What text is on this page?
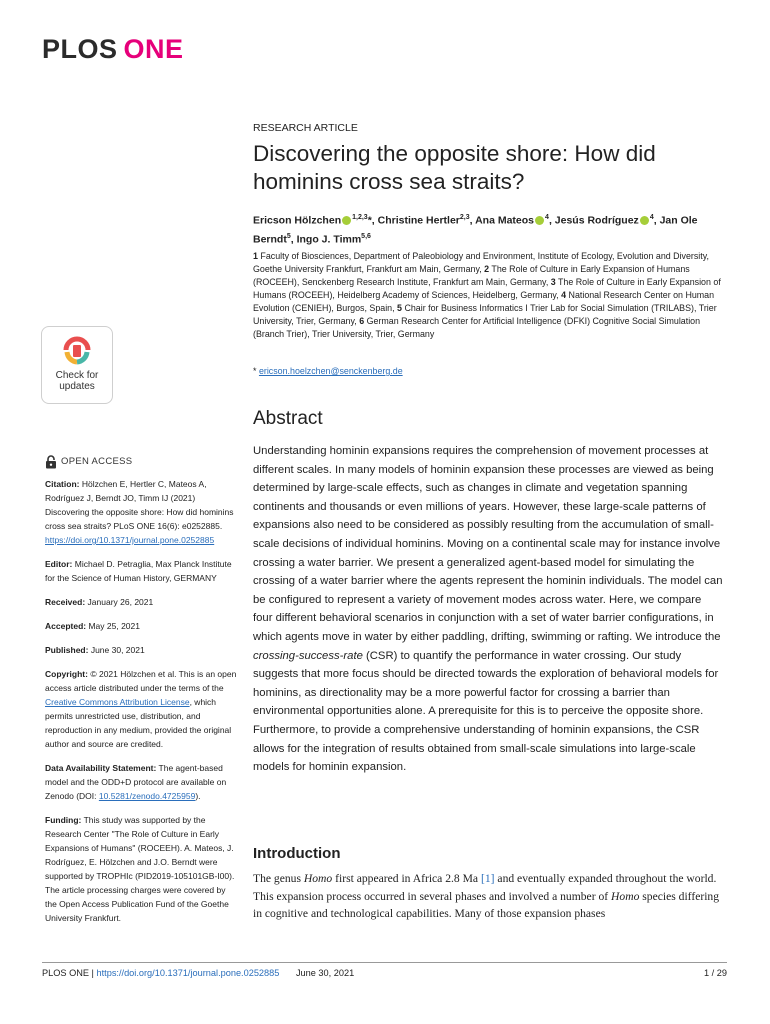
PLOS ONE
Check for
updates
RESEARCH ARTICLE
Discovering the opposite shore: How did hominins cross sea straits?
Ericson Hölzchen $^{1,2,3}$*, Christine Hertler$^{2,3}$, Ana Mateos $^4$, Jesús Rodríguez $^4$, Jan Ole Berndt$^5$, Ingo J. Timm$^{5,6}$
1 Faculty of Biosciences, Department of Paleobiology and Environment, Institute of Ecology, Evolution and Diversity, Goethe University Frankfurt, Frankfurt am Main, Germany, 2 The Role of Culture in Early Expansion of Humans (ROCEEH), Senckenberg Research Institute, Frankfurt am Main, Germany, 3 The Role of Culture in Early Expansion of Humans (ROCEEH), Heidelberg Academy of Sciences, Heidelberg, Germany, 4 National Research Center on Human Evolution (CENIEH), Burgos, Spain, 5 Chair for Business Informatics I Trier Lab for Social Simulation (TRILABS), Trier University, Trier, Germany, 6 German Research Center for Artificial Intelligence (DFKI) Cognitive Social Simulation (Branch Trier), Trier University, Trier, Germany
* ericson.hoelzchen@senckenberg.de
Abstract
Understanding hominin expansions requires the comprehension of movement processes at different scales. In many models of hominin expansion these processes are viewed as being determined by large-scale effects, such as changes in climate and vegetation spanning continents and thousands or even millions of years. However, these large-scale patterns of expansions also need to be considered as possibly resulting from the accumulation of small-scale decisions of individual hominins. Moving on a continental scale may for instance involve crossing a water barrier. We present a generalized agent-based model for simulating the crossing of a water barrier where the agents represent the hominin individuals. The model can be configured to represent a variety of movement modes across water. Here, we compare four different behavioral scenarios in conjunction with a set of water barrier configurations, in which agents move in water by either paddling, drifting, swimming or rafting. We introduce the crossing-success-rate (CSR) to quantify the performance in water crossing. Our study suggests that more focus should be directed towards the exploration of behavioral models for hominins, as directionality may be a more powerful factor for crossing a barrier than environmental opportunities alone. A prerequisite for this is to perceive the opposite shore. Furthermore, to provide a comprehensive understanding of hominin expansions, the CSR allows for the integration of results obtained from small-scale simulations into large-scale models for hominin expansion.
OPEN ACCESS
Citation: Hölzchen E, Hertler C, Mateos A, Rodríguez J, Berndt JO, Timm IJ (2021) Discovering the opposite shore: How did hominins cross sea straits? PLoS ONE 16(6): e0252885. https://doi.org/10.1371/journal.pone.0252885
Editor: Michael D. Petraglia, Max Planck Institute for the Science of Human History, GERMANY
Received: January 26, 2021
Accepted: May 25, 2021
Published: June 30, 2021
Copyright: © 2021 Hölzchen et al. This is an open access article distributed under the terms of the Creative Commons Attribution License, which permits unrestricted use, distribution, and reproduction in any medium, provided the original author and source are credited.
Data Availability Statement: The agent-based model and the ODD+D protocol are available on Zenodo (DOI: 10.5281/zenodo.4725959).
Funding: This study was supported by the Research Center "The Role of Culture in Early Expansions of Humans" (ROCEEH). A. Mateos, J. Rodríguez, E. Hölzchen and J.O. Berndt were supported by TROPHIc (PID2019-105101GB-I00). The article processing charges were covered by the Open Access Publication Fund of the Goethe University Frankfurt.
Introduction
The genus Homo first appeared in Africa 2.8 Ma [1] and eventually expanded throughout the world. This expansion process occurred in several phases and involved a number of Homo species differing in cognitive and technological capabilities. Many of those expansion phases
PLOS ONE | https://doi.org/10.1371/journal.pone.0252885 June 30, 2021	1 / 29
